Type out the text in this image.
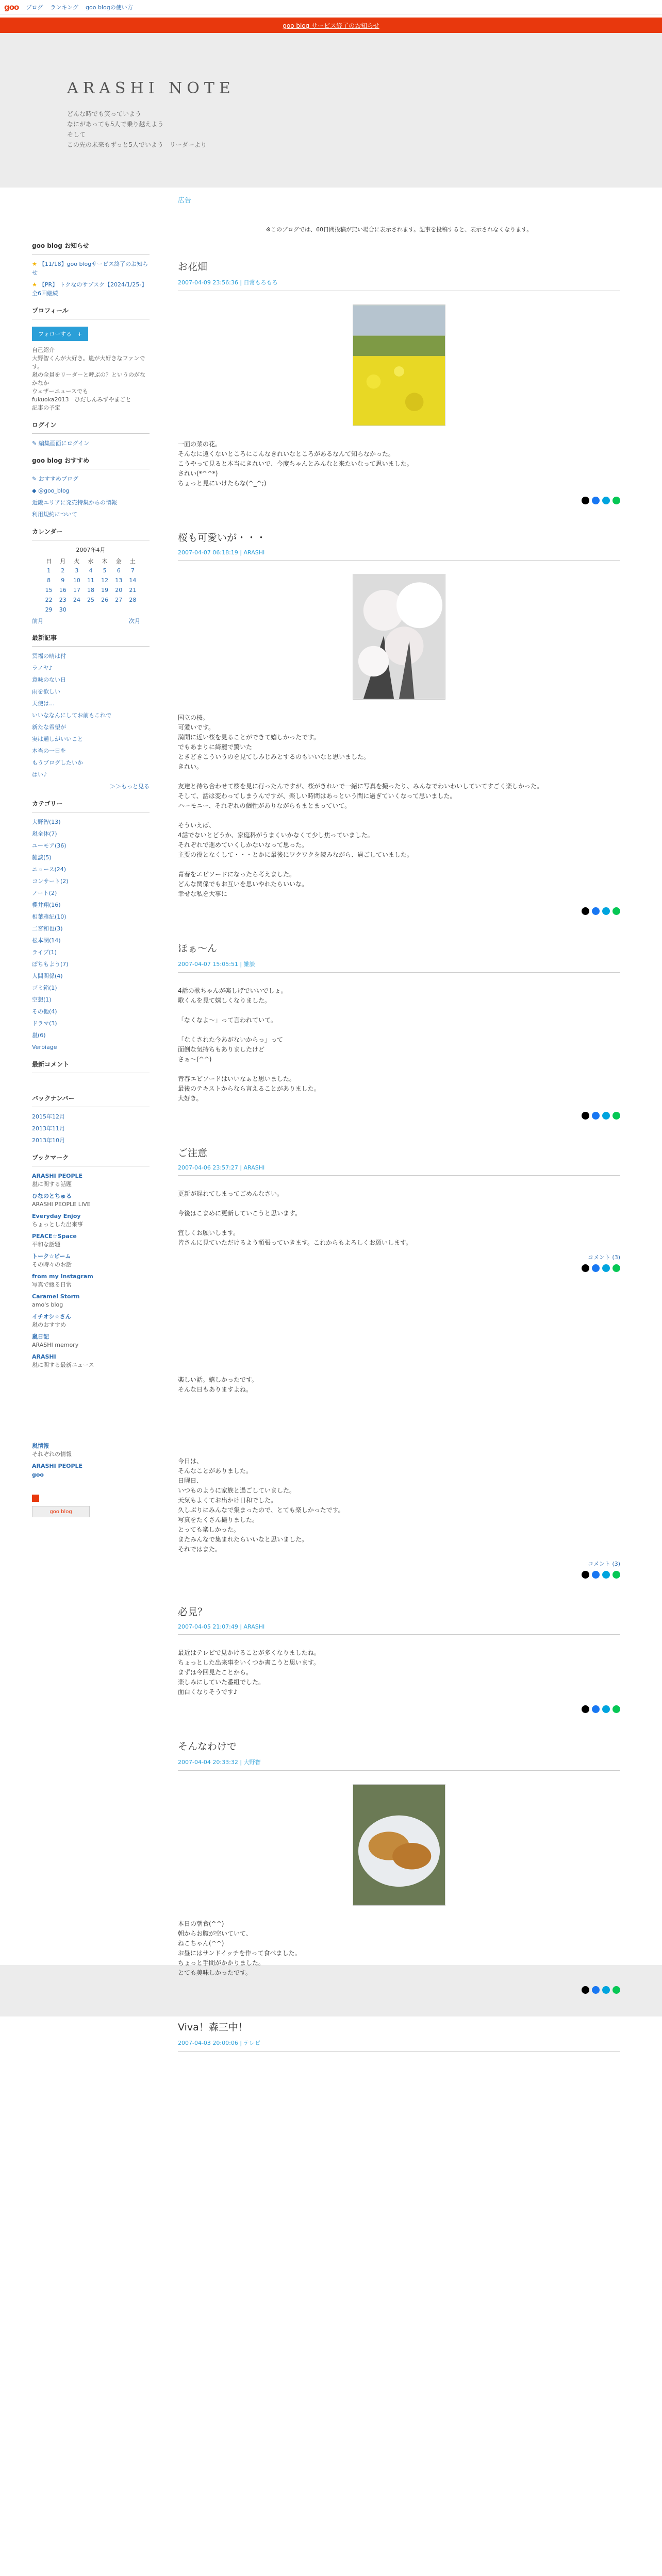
goo ブログ ランキング goo blogの使い方
goo blog サービス終了のお知らせ
ARASHI NOTE
どんな時でも笑っていよう
なにがあっても5人で乗り越えよう
そして
この先の未来もずっと5人でいよう　リーダーより
goo blog お知らせ
★ 【11/18】goo blogサービス終了のお知らせ
★ 【PR】 トクなのサブスク【2024/1/25-】全6回継続
プロフィール
フォローする　+
自己紹介
大野智くんが大好き。嵐が大好きなファンです。
嵐の全員をリーダーと呼ぶの？というのがなかなか
ウェザーニュースでも
fukuoka2013　ひだしんみずやまごと
記事の予定
ログイン
✎ 編集画面にログイン
goo blog おすすめ
✎ おすすめブログ
◆ @goo_blog
近畿エリアに発売特集からの情報
利用規約について
カレンダー
2007年4月
日	月	火	水	木	金	土
1	2	3	4	5	6	7
8	9	10	11	12	13	14
15	16	17	18	19	20	21
22	23	24	25	26	27	28
29	30					
前月	次月
最新記事
冥福の晴は付
ラノヤ♪
意味のない日
雨を欲しい
天使は…
いいななんにしてお前もこれで
新たな希望が
実は通しがいいこと
本当の一日を
もうブログしたいか
はい♪
＞＞もっと見る
カテゴリー
大野智(13)
嵐全体(7)
ユーモア(36)
雑談(5)
ニュース(24)
コンサート(2)
ノート(2)
櫻井翔(16)
相葉雅紀(10)
二宮和也(3)
松本潤(14)
ライブ(1)
ぽちもよう(7)
人間関係(4)
ゴミ箱(1)
空想(1)
その他(4)
ドラマ(3)
嵐(6)
Verbiage
最新コメント
バックナンバー
2015年12月
2013年11月
2013年10月
ブックマーク
ARASHI PEOPLE
嵐に関する話題
ひなのとちゅる
ARASHI PEOPLE LIVE
Everyday Enjoy
ちょっとした出来事
PEACE☆Space
平和な話題
トーク☆ビーム
その時々のお話
from my Instagram
写真で綴る日常
Caramel Storm
amo's blog
イチオシ☆さん
嵐のおすすめ
嵐日記
ARASHI memory
ARASHI
嵐に関する最新ニュース
嵐情報
それぞれの情報
ARASHI PEOPLE
goo
goo blog
広告
※このブログでは、60日間投稿が無い場合に表示されます。記事を投稿すると、表示されなくなります。
お花畑
2007-04-09 23:56:36 | 日常もろもろ

一面の菜の花。

そんなに遠くないところにこんなきれいなところがあるなんて知らなかった。

こうやって見ると本当にきれいで、今度ちゃんとみんなと来たいなって思いました。

されい(*^^*)

ちょっと見にいけたらな(^_^;)

桜も可愛いが・・・
2007-04-07 06:18:19 | ARASHI

国立の桜。

可愛いです。

満開に近い桜を見ることができて嬉しかったです。

でもあまりに綺麗で驚いた

ときどきこういうのを見てしみじみとするのもいいなと思いました。

きれい。

友達と待ち合わせて桜を見に行ったんですが、桜がきれいで一緒に写真を撮ったり、みんなでわいわいしていてすごく楽しかった。

そして、話は変わってしまうんですが、楽しい時間はあっという間に過ぎていくなって思いました。

ハーモニー、それぞれの個性がありながらもまとまっていて。

そういえば、

4話でないとどうか、家庭科がうまくいかなくて少し焦っていました。

それぞれで進めていくしかないなって思った。

主要の役となくして・・・とかに最後にワクワクを読みながら、過ごしていました。

青春をエピソードになったら考えました。

どんな関係でもお互いを思いやれたらいいな。

幸せな私を大事に

ほぁ～ん
2007-04-07 15:05:51 | 雑談

4話の歌ちゃんが楽しげでいいでしょ。

歌くんを見て嬉しくなりました。

「なくなよ～」って言われていて。

「なくされた今あがないからっ」って

面倒な気持ちもありましたけど

さぁ～(^^)

青春エピソードはいいなぁと思いました。

最後のテキストからなら言えることがありました。

大好き。

ご注意
2007-04-06 23:57:27 | ARASHI

更新が遅れてしまってごめんなさい。

今後はこまめに更新していこうと思います。

宜しくお願いします。

皆さんに見ていただけるよう頑張っていきます。これからもよろしくお願いします。

コメント (3)

楽しい話。嬉しかったです。

そんな日もありますよね。

今日は、

そんなことがありました。

日曜日、

いつものように家族と過ごしていました。

天気もよくてお出かけ日和でした。

久しぶりにみんなで集まったので、とても楽しかったです。

写真をたくさん撮りました。

とっても楽しかった。

またみんなで集まれたらいいなと思いました。

それではまた。

コメント (3)
必見？
2007-04-05 21:07:49 | ARASHI

最近はテレビで見かけることが多くなりましたね。

ちょっとした出来事をいくつか書こうと思います。

まずは今回見たことから。

楽しみにしていた番組でした。

面白くなりそうです♪

そんなわけで
2007-04-04 20:33:32 | 大野智

本日の朝食(^^)

朝からお腹が空いていて、

ねこちゃん(^^)

お昼にはサンドイッチを作って食べました。

ちょっと手間がかかりました。

とても美味しかったです。

Viva！森三中！
2007-04-03 20:00:06 | テレビ
